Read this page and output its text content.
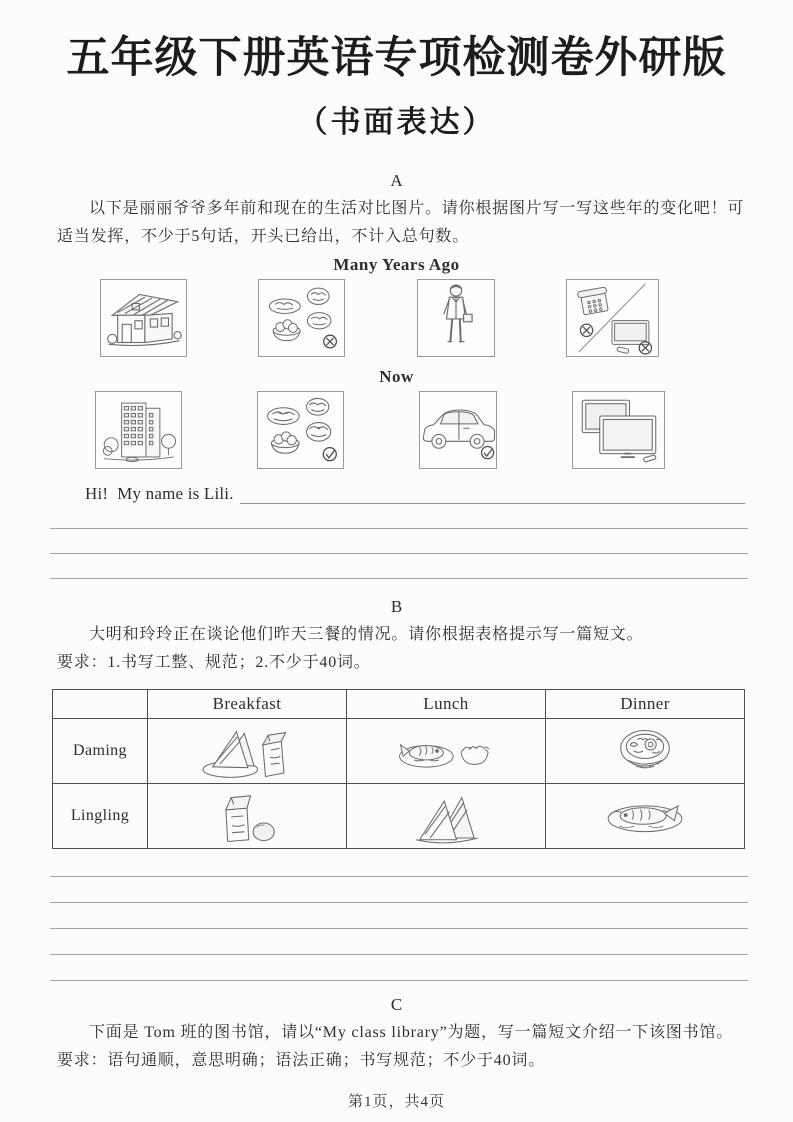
五年级下册英语专项检测卷外研版
（书面表达）
A
以下是丽丽爷爷多年前和现在的生活对比图片。请你根据图片写一写这些年的变化吧！可
适当发挥，不少于5句话，开头已给出，不计入总句数。
Many Years Ago
Now
Hi!  My name is Lili.
B
大明和玲玲正在谈论他们昨天三餐的情况。请你根据表格提示写一篇短文。
要求：1.书写工整、规范；2.不少于40词。
	Breakfast	Lunch	Dinner
Daming			
Lingling			
C
下面是 Tom 班的图书馆，请以“My class library”为题，写一篇短文介绍一下该图书馆。
要求：语句通顺，意思明确；语法正确；书写规范；不少于40词。
第1页，共4页
